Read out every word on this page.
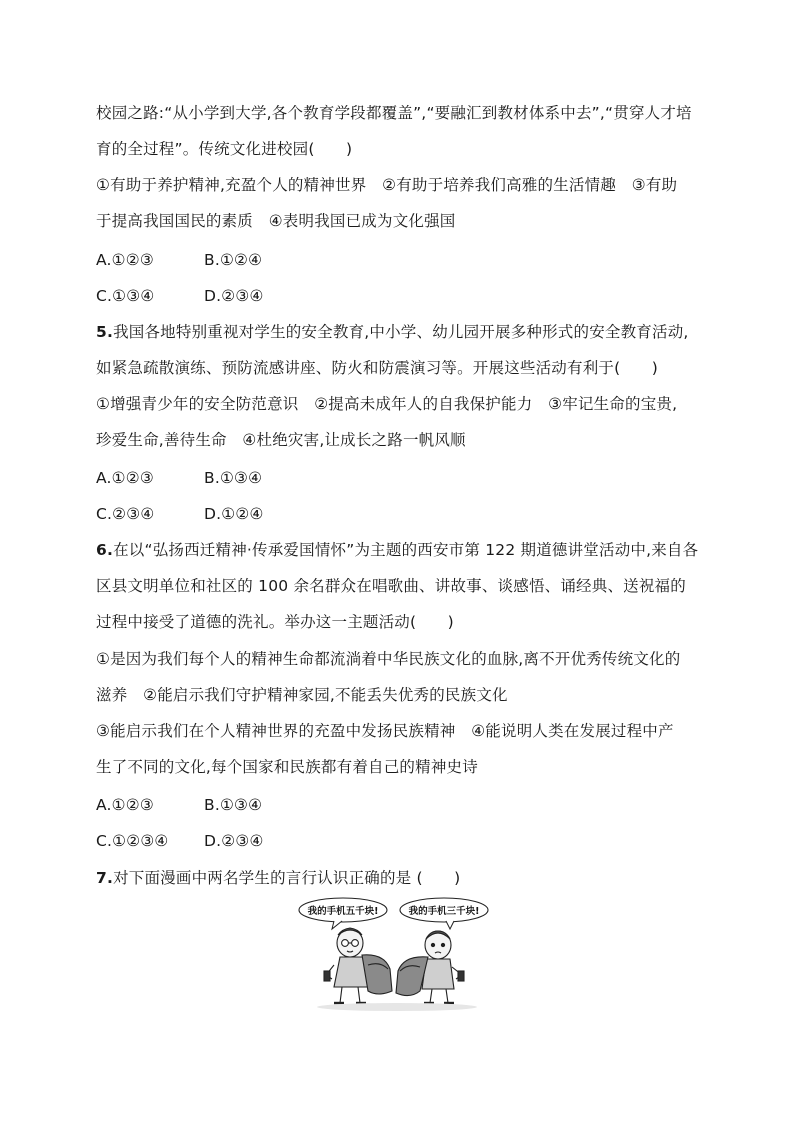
校园之路:“从小学到大学,各个教育学段都覆盖”,“要融汇到教材体系中去”,“贯穿人才培
育的全过程”。传统文化进校园(　　)
①有助于养护精神,充盈个人的精神世界　②有助于培养我们高雅的生活情趣　③有助
于提高我国国民的素质　④表明我国已成为文化强国
A.①②③	B.①②④
C.①③④	D.②③④
5.我国各地特别重视对学生的安全教育,中小学、幼儿园开展多种形式的安全教育活动,
如紧急疏散演练、预防流感讲座、防火和防震演习等。开展这些活动有利于(　　)
①增强青少年的安全防范意识　②提高未成年人的自我保护能力　③牢记生命的宝贵,
珍爱生命,善待生命　④杜绝灾害,让成长之路一帆风顺
A.①②③	B.①③④
C.②③④	D.①②④
6.在以“弘扬西迁精神·传承爱国情怀”为主题的西安市第 122 期道德讲堂活动中,来自各
区县文明单位和社区的 100 余名群众在唱歌曲、讲故事、谈感悟、诵经典、送祝福的
过程中接受了道德的洗礼。举办这一主题活动(　　)
①是因为我们每个人的精神生命都流淌着中华民族文化的血脉,离不开优秀传统文化的
滋养　②能启示我们守护精神家园,不能丢失优秀的民族文化
③能启示我们在个人精神世界的充盈中发扬民族精神　④能说明人类在发展过程中产
生了不同的文化,每个国家和民族都有着自己的精神史诗
A.①②③	B.①③④
C.①②③④ D.②③④
7.对下面漫画中两名学生的言行认识正确的是 (　　)
我的手机五千块!	我的手机三千块!
